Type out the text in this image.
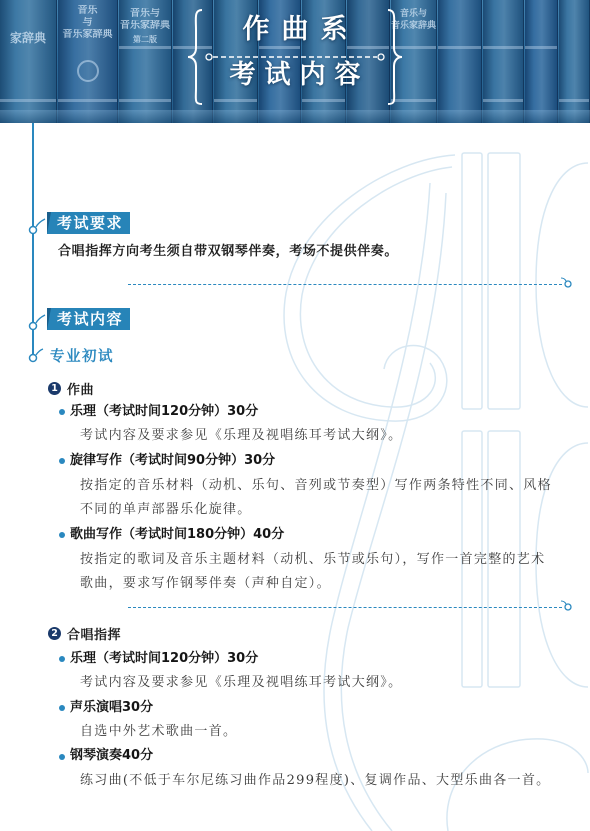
家辞典
音乐
与
音乐家辞典
音乐与
音乐家辞典
第二版
音乐与
音乐家辞典
作曲系
考试内容
考试要求
合唱指挥方向考生须自带双钢琴伴奏，考场不提供伴奏。
考试内容
专业初试
1 作曲
乐理（考试时间120分钟）30分
考试内容及要求参见《乐理及视唱练耳考试大纲》。
旋律写作（考试时间90分钟）30分
按指定的音乐材料（动机、乐句、音列或节奏型）写作两条特性不同、风格
不同的单声部器乐化旋律。
歌曲写作（考试时间180分钟）40分
按指定的歌词及音乐主题材料（动机、乐节或乐句），写作一首完整的艺术
歌曲，要求写作钢琴伴奏（声种自定）。
2 合唱指挥
乐理（考试时间120分钟）30分
考试内容及要求参见《乐理及视唱练耳考试大纲》。
声乐演唱30分
自选中外艺术歌曲一首。
钢琴演奏40分
练习曲(不低于车尔尼练习曲作品299程度)、复调作品、大型乐曲各一首。
